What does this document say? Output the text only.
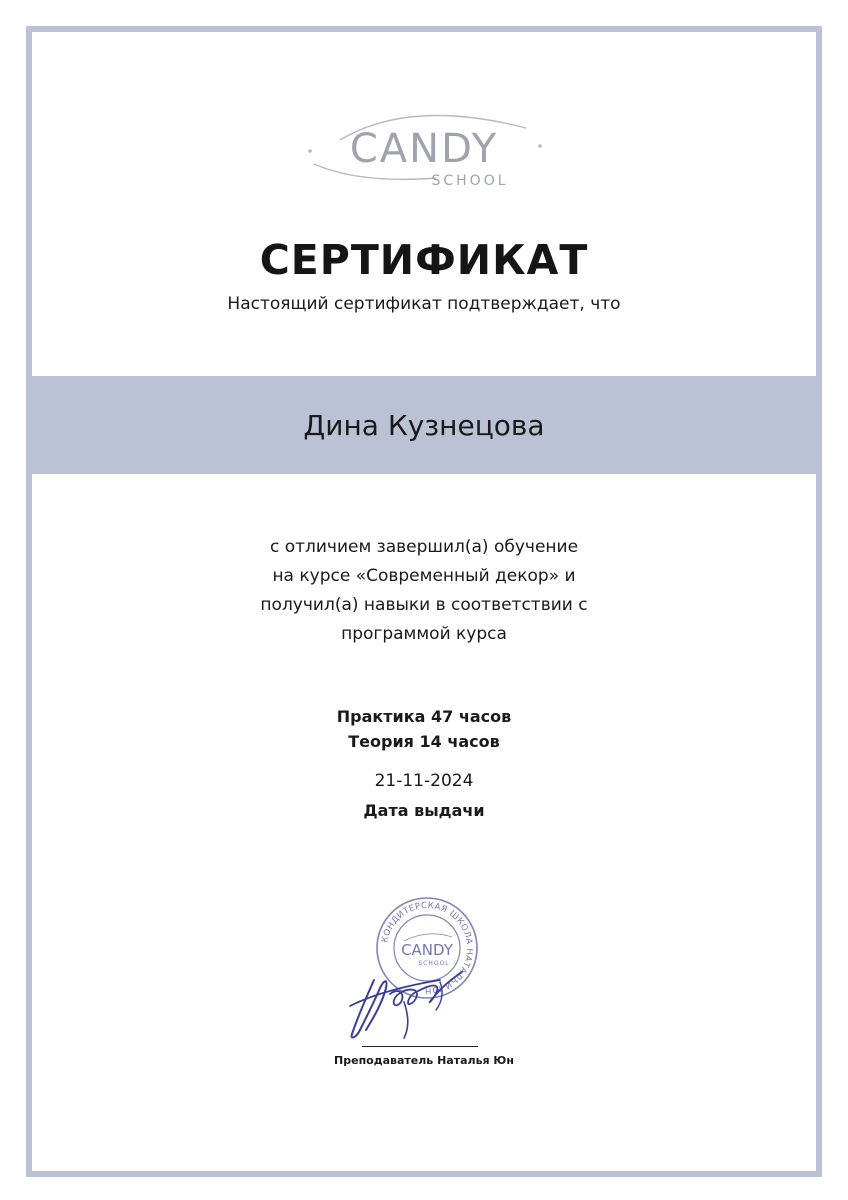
CANDY
SCHOOL
СЕРТИФИКАТ
Настоящий сертификат подтверждает, что
Дина Кузнецова
с отличием завершил(а) обучение
на курсе «Современный декор» и
получил(а) навыки в соответствии с
программой курса
Практика 47 часов
Теория 14 часов
21-11-2024
Дата выдачи
КОНДИТЕРСКАЯ ШКОЛА НАТАЛЬИ ЮН
CANDY
SCHOOL
Преподаватель Наталья Юн
